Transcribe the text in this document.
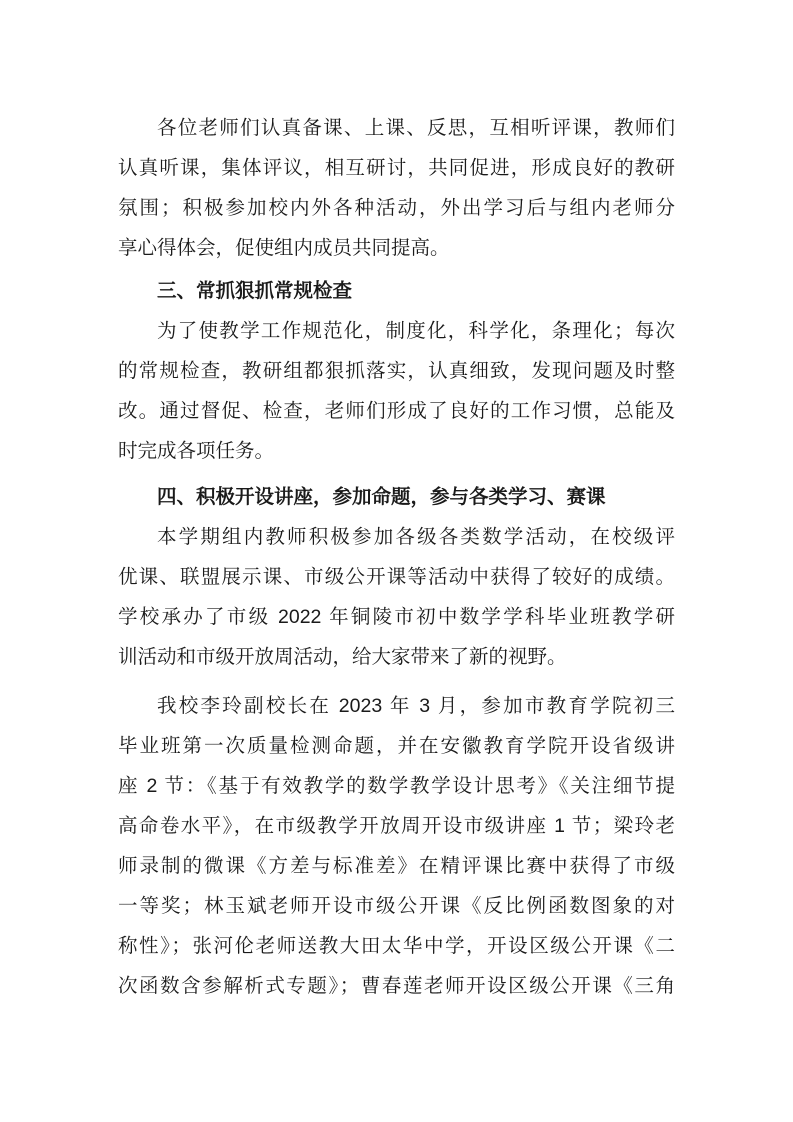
各位老师们认真备课、上课、反思，互相听评课，教师们
认真听课，集体评议，相互研讨，共同促进，形成良好的教研
氛围；积极参加校内外各种活动，外出学习后与组内老师分
享心得体会，促使组内成员共同提高。
三、常抓狠抓常规检查
为了使教学工作规范化，制度化，科学化，条理化；每次
的常规检查，教研组都狠抓落实，认真细致，发现问题及时整
改。通过督促、检查，老师们形成了良好的工作习惯，总能及
时完成各项任务。
四、积极开设讲座，参加命题，参与各类学习、赛课
本学期组内教师积极参加各级各类数学活动，在校级评
优课、联盟展示课、市级公开课等活动中获得了较好的成绩。
学校承办了市级 2022 年铜陵市初中数学学科毕业班教学研
训活动和市级开放周活动，给大家带来了新的视野。
我校李玲副校长在 2023 年 3 月，参加市教育学院初三
毕业班第一次质量检测命题，并在安徽教育学院开设省级讲
座 2 节：《基于有效教学的数学教学设计思考》《关注细节提
高命卷水平》，在市级教学开放周开设市级讲座 1 节；梁玲老
师录制的微课《方差与标准差》在精评课比赛中获得了市级
一等奖；林玉斌老师开设市级公开课《反比例函数图象的对
称性》；张河伦老师送教大田太华中学，开设区级公开课《二
次函数含参解析式专题》；曹春莲老师开设区级公开课《三角
